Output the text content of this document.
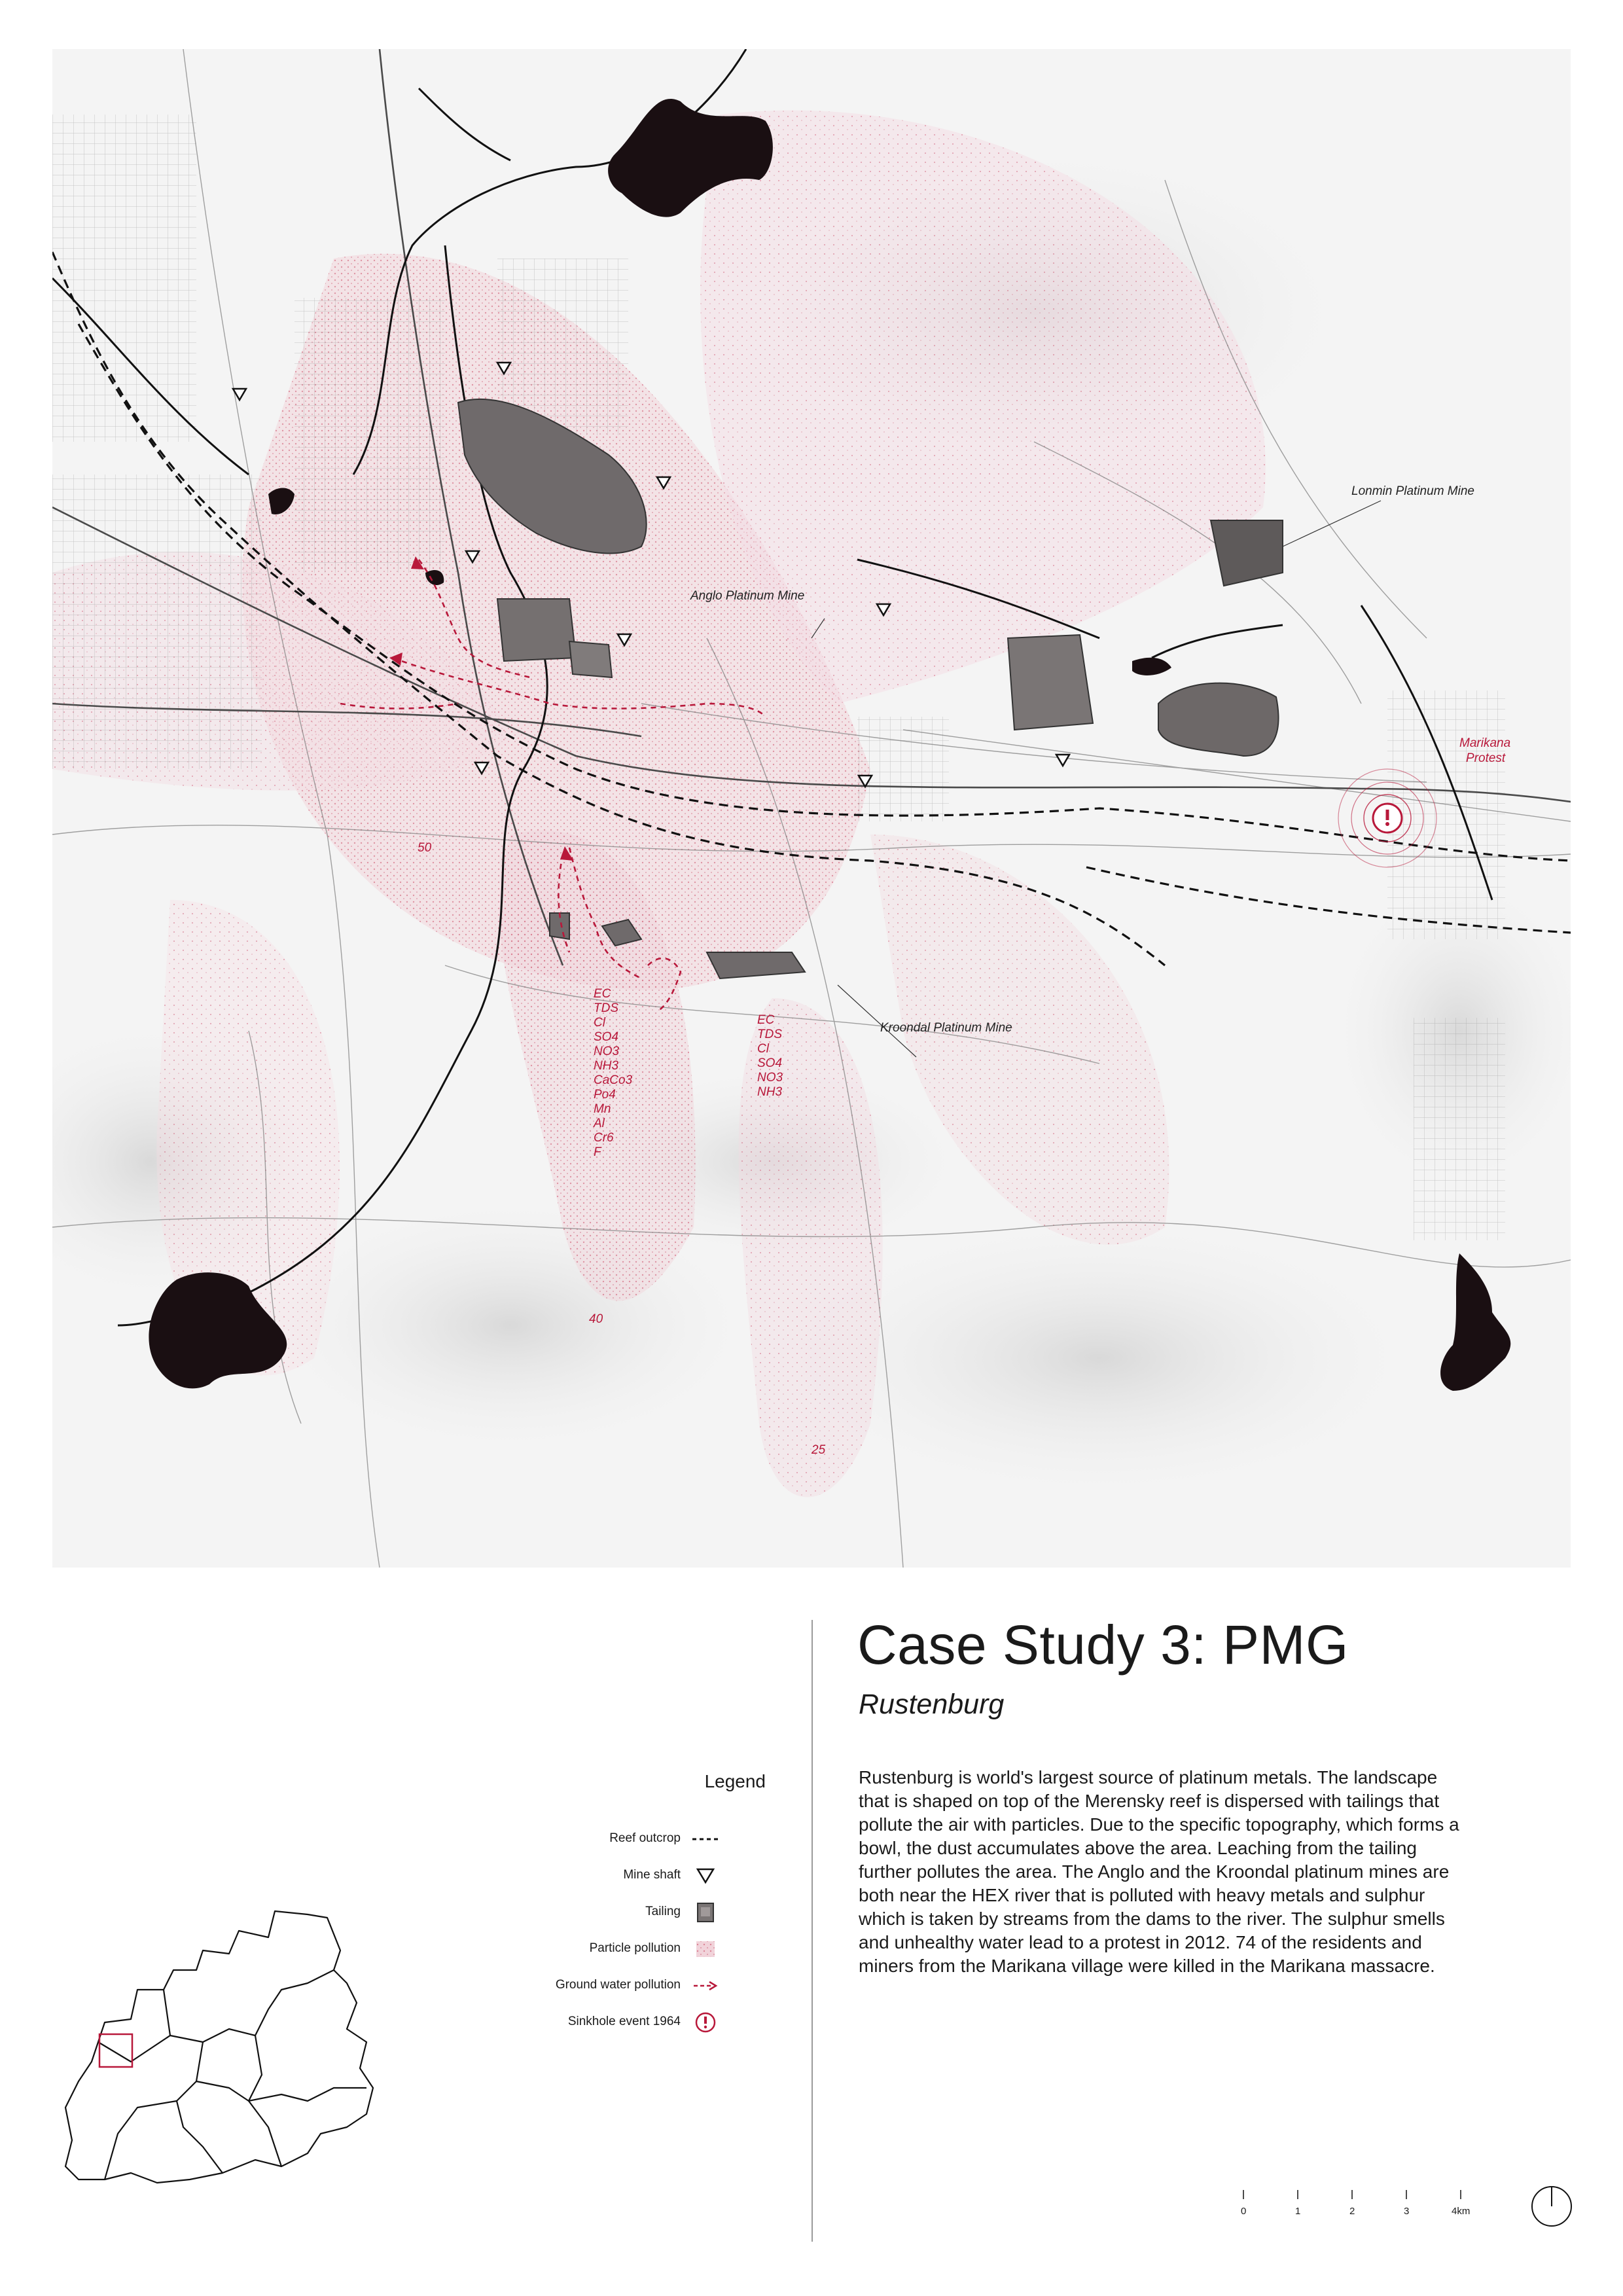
Lonmin Platinum Mine
Anglo Platinum Mine
Kroondal Platinum Mine
Marikana
Protest
50
40
25
EC
TDS
Cl
SO4
NO3
NH3
CaCo3
Po4
Mn
Al
Cr6
F
EC
TDS
Cl
SO4
NO3
NH3
Case Study 3: PMG
Rustenburg
Rustenburg is world's largest source of platinum metals. The landscape that is shaped on top of the Merensky reef is dispersed with tailings that pollute the air with particles. Due to the specific topography, which forms a bowl, the dust accumulates above the area. Leaching from the tailing further pollutes the area. The Anglo and the Kroondal platinum mines are both near the HEX river that is polluted with heavy metals and sulphur which is taken by streams from the dams to the river. The sulphur smells and unhealthy water lead to a protest in 2012. 74 of the residents and miners from the Marikana village were killed in the Marikana massacre.
Legend
Reef outcrop
Mine shaft
Tailing
Particle pollution
Ground water pollution
Sinkhole event 1964
0	1	2	3	4km
